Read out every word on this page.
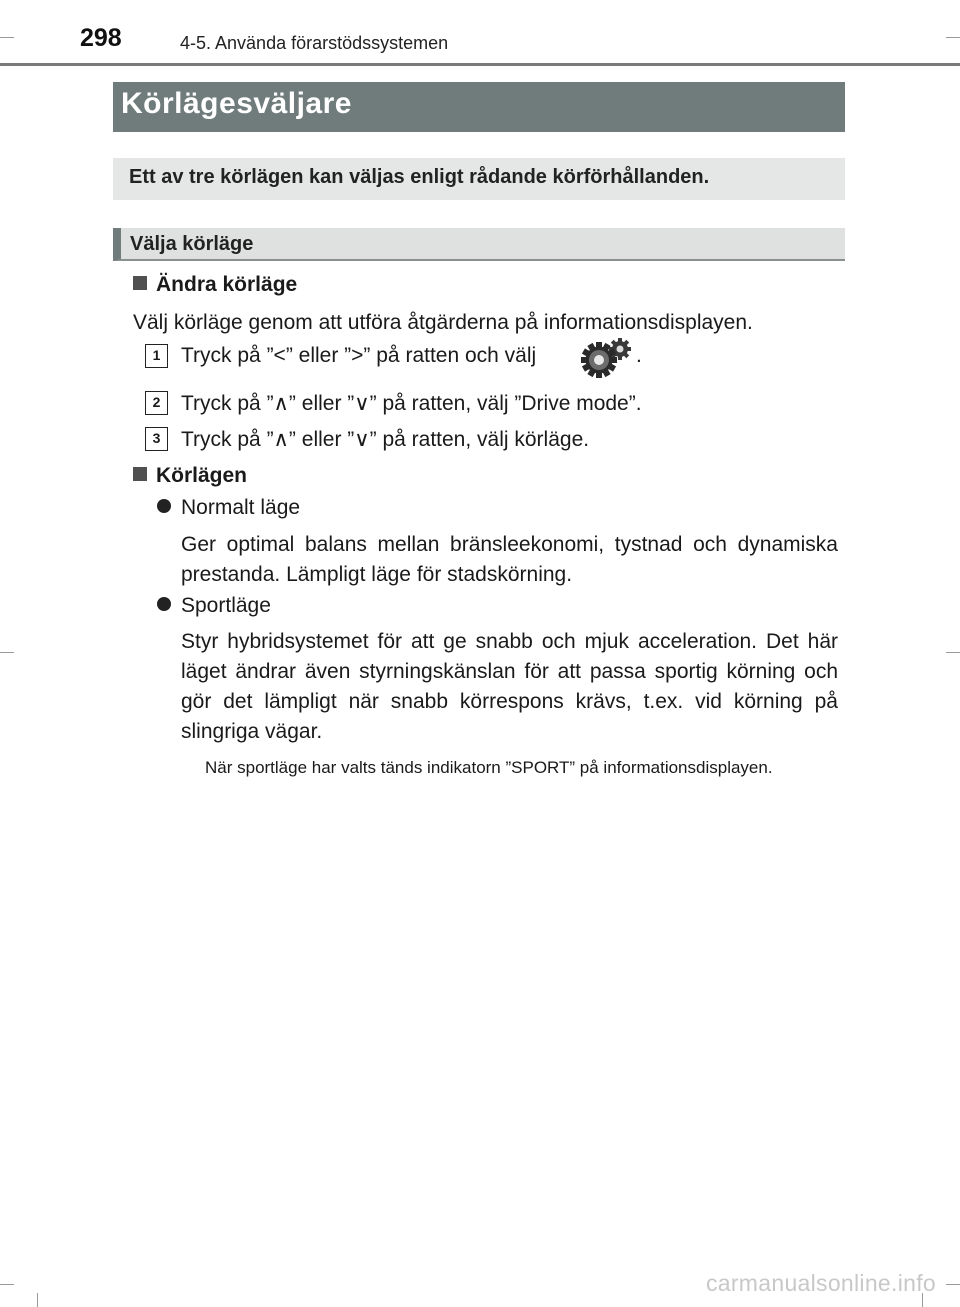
298	4-5. Använda förarstödssystemen
Körlägesväljare
Ett av tre körlägen kan väljas enligt rådande körförhållanden.
Välja körläge
Ändra körläge
Välj körläge genom att utföra åtgärderna på informationsdisplayen.
1 Tryck på ”<” eller ”>” på ratten och välj	.
2 Tryck på ”∧” eller ”∨” på ratten, välj ”Drive mode”.
3 Tryck på ”∧” eller ”∨” på ratten, välj körläge.
Körlägen
Normalt läge
Ger optimal balans mellan bränsleekonomi, tystnad och dynamiska prestanda. Lämpligt läge för stadskörning.
Sportläge
Styr hybridsystemet för att ge snabb och mjuk acceleration. Det här läget ändrar även styrningskänslan för att passa sportig körning och gör det lämpligt när snabb körrespons krävs, t.ex. vid körning på slingriga vägar.
När sportläge har valts tänds indikatorn ”SPORT” på informationsdisplayen.
carmanualsonline.info
